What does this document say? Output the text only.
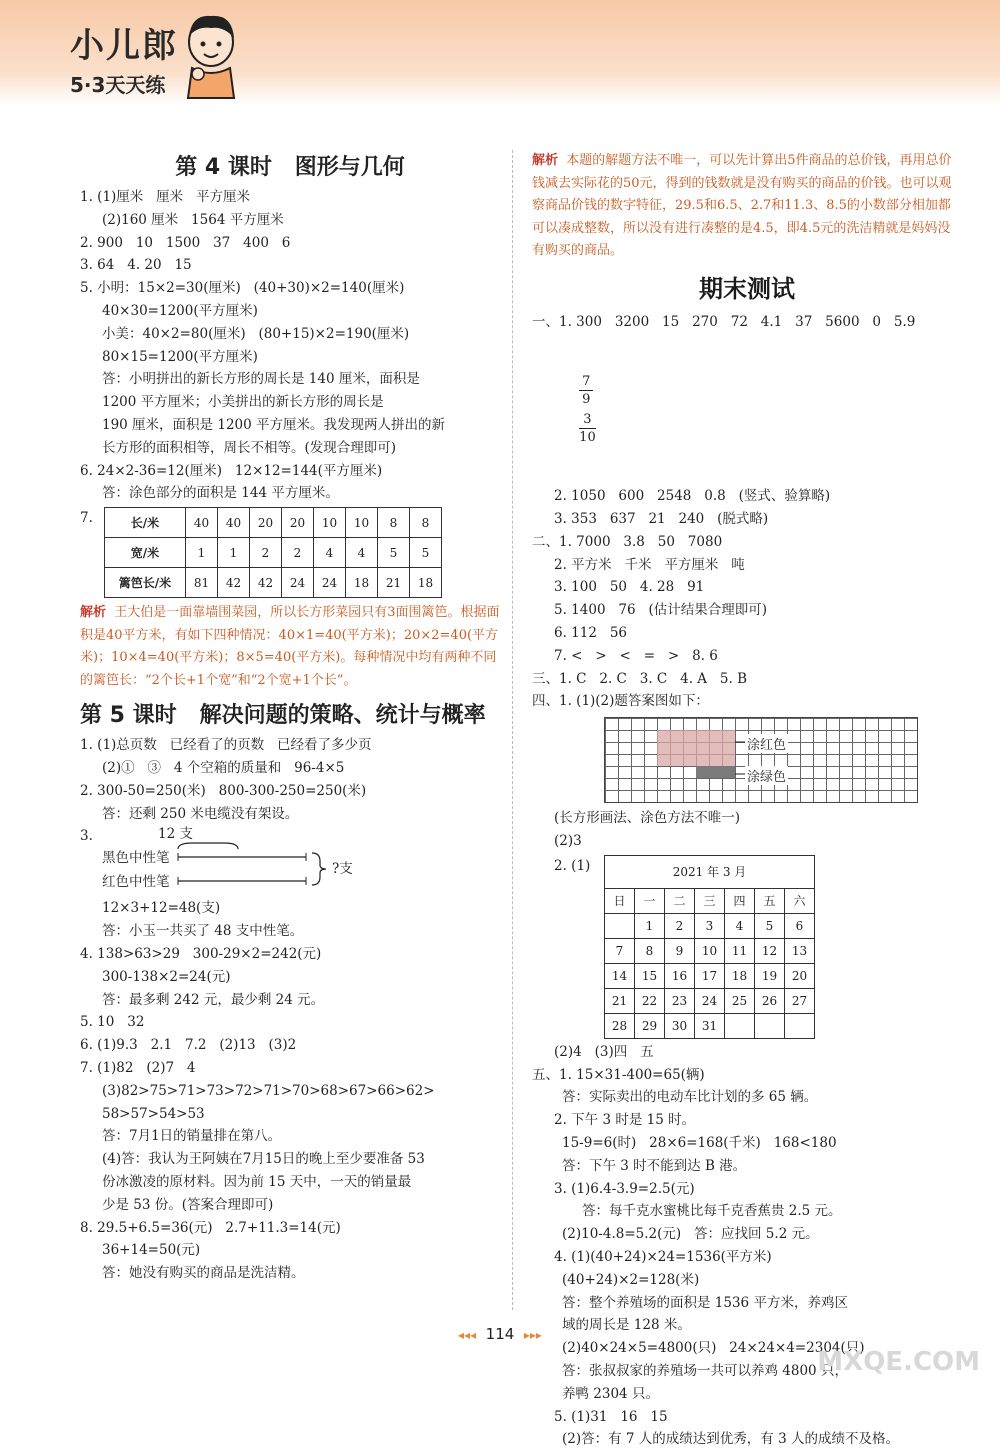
小儿郎
5·3天天练
第 4 课时   图形与几何
1. (1)厘米   厘米   平方厘米
(2)160 厘米   1564 平方厘米
2. 900   10   1500   37   400   6
3. 64   4. 20   15
5. 小明：15×2=30(厘米)   (40+30)×2=140(厘米)
40×30=1200(平方厘米)
小美：40×2=80(厘米)   (80+15)×2=190(厘米)
80×15=1200(平方厘米)
答：小明拼出的新长方形的周长是 140 厘米，面积是
1200 平方厘米；小美拼出的新长方形的周长是
190 厘米，面积是 1200 平方厘米。我发现两人拼出的新
长方形的面积相等，周长不相等。(发现合理即可)
6. 24×2-36=12(厘米)   12×12=144(平方厘米)
答：涂色部分的面积是 144 平方厘米。
7.	长/米	40	40	20	20	10	10	8	8
宽/米	1	1	2	2	4	4	5	5
篱笆长/米	81	42	42	24	24	18	21	18
解析 王大伯是一面靠墙围菜园，所以长方形菜园只有3面围篱笆。根据面积是40平方米，有如下四种情况：40×1=40(平方米)；20×2=40(平方米)；10×4=40(平方米)；8×5=40(平方米)。每种情况中均有两种不同的篱笆长：“2个长+1个宽”和“2个宽+1个长”。
第 5 课时   解决问题的策略、统计与概率
1. (1)总页数   已经看了的页数   已经看了多少页
(2)①   ③   4 个空箱的质量和   96-4×5
2. 300-50=250(米)   800-300-250=250(米)
答：还剩 250 米电缆没有架设。
3.	12 支
黑色中性笔
红色中性笔
?支
12×3+12=48(支)
答：小玉一共买了 48 支中性笔。
4. 138>63>29   300-29×2=242(元)
300-138×2=24(元)
答：最多剩 242 元，最少剩 24 元。
5. 10   32
6. (1)9.3   2.1   7.2   (2)13   (3)2
7. (1)82   (2)7   4
(3)82>75>71>73>72>71>70>68>67>66>62>
58>57>54>53
答：7月1日的销量排在第八。
(4)答：我认为王阿姨在7月15日的晚上至少要准备 53
份冰激凌的原材料。因为前 15 天中，一天的销量最
少是 53 份。(答案合理即可)
8. 29.5+6.5=36(元)   2.7+11.3=14(元)
36+14=50(元)
答：她没有购买的商品是洗洁精。
解析 本题的解题方法不唯一，可以先计算出5件商品的总价钱，再用总价钱减去实际花的50元，得到的钱数就是没有购买的商品的价钱。也可以观察商品价钱的数字特征，29.5和6.5、2.7和11.3、8.5的小数部分相加都可以凑成整数，所以没有进行凑整的是4.5，即4.5元的洗洁精就是妈妈没有购买的商品。
期末测试
一、1. 300   3200   15   270   72   4.1   37   5600   0   5.9

$\frac{7}{9}$

$\frac{3}{10}$

2. 1050   600   2548   0.8   (竖式、验算略)
3. 353   637   21   240   (脱式略)
二、1. 7000   3.8   50   7080
2. 平方米   千米   平方厘米   吨
3. 100   50   4. 28   91
5. 1400   76   (估计结果合理即可)
6. 112   56
7. <   >   <   =   >   8. 6
三、1. C   2. C   3. C   4. A   5. B
四、1. (1)(2)题答案图如下：
涂红色
涂绿色
(长方形画法、涂色方法不唯一)
(2)3
2. (1)	2021 年 3 月						
日	一	二	三	四	五	六
	1	2	3	4	5	6
7	8	9	10	11	12	13
14	15	16	17	18	19	20
21	22	23	24	25	26	27
28	29	30	31			
(2)4   (3)四   五
五、1. 15×31-400=65(辆)
答：实际卖出的电动车比计划的多 65 辆。
2. 下午 3 时是 15 时。
15-9=6(时)   28×6=168(千米)   168<180
答：下午 3 时不能到达 B 港。
3. (1)6.4-3.9=2.5(元)
答：每千克水蜜桃比每千克香蕉贵 2.5 元。
(2)10-4.8=5.2(元)   答：应找回 5.2 元。
4. (1)(40+24)×24=1536(平方米)
(40+24)×2=128(米)
答：整个养殖场的面积是 1536 平方米，养鸡区
域的周长是 128 米。
(2)40×24×5=4800(只)   24×24×4=2304(只)
答：张叔叔家的养殖场一共可以养鸡 4800 只，
养鸭 2304 只。
5. (1)31   16   15
(2)答：有 7 人的成绩达到优秀，有 3 人的成绩不及格。
◂◂◂ 114 ▸▸▸
MXQE.COM
